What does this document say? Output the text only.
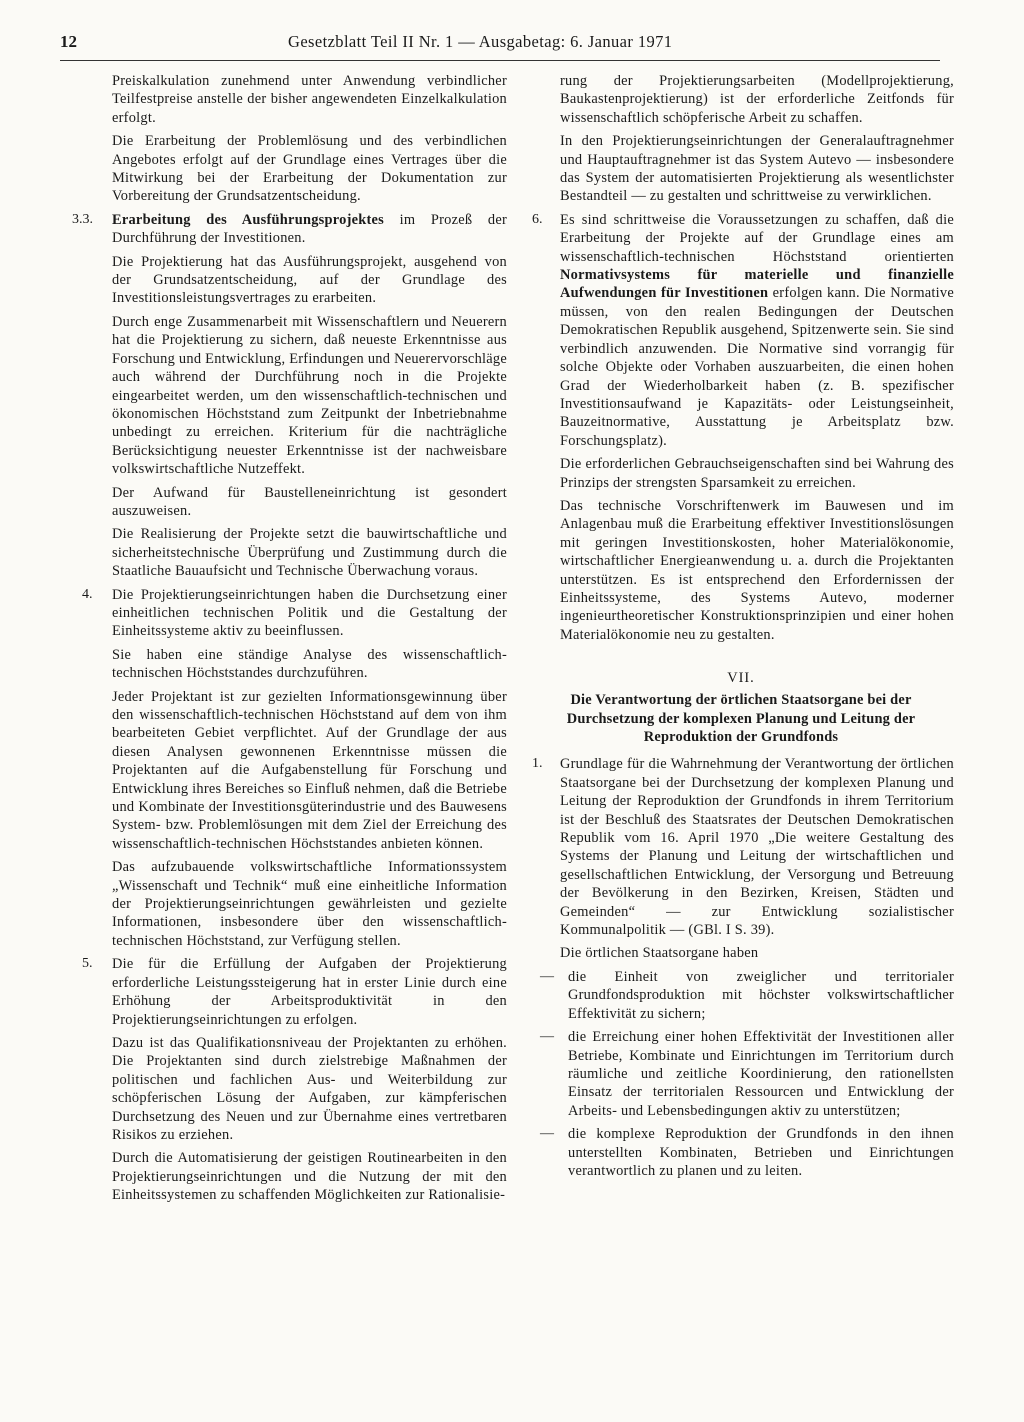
12	Gesetzblatt Teil II Nr. 1 — Ausgabetag: 6. Januar 1971
Preiskalkulation zunehmend unter Anwendung verbindlicher Teilfestpreise anstelle der bisher angewendeten Einzelkalkulation erfolgt.
Die Erarbeitung der Problemlösung und des verbindlichen Angebotes erfolgt auf der Grundlage eines Vertrages über die Mitwirkung bei der Erarbeitung der Dokumentation zur Vorbereitung der Grundsatzentscheidung.
3.3. Erarbeitung des Ausführungsprojektes im Prozeß der Durchführung der Investitionen.
Die Projektierung hat das Ausführungsprojekt, ausgehend von der Grundsatzentscheidung, auf der Grundlage des Investitionsleistungsvertrages zu erarbeiten.
Durch enge Zusammenarbeit mit Wissenschaftlern und Neuerern hat die Projektierung zu sichern, daß neueste Erkenntnisse aus Forschung und Entwicklung, Erfindungen und Neuerervorschläge auch während der Durchführung noch in die Projekte eingearbeitet werden, um den wissenschaftlich-technischen und ökonomischen Höchststand zum Zeitpunkt der Inbetriebnahme unbedingt zu erreichen. Kriterium für die nachträgliche Berücksichtigung neuester Erkenntnisse ist der nachweisbare volkswirtschaftliche Nutzeffekt.
Der Aufwand für Baustelleneinrichtung ist gesondert auszuweisen.
Die Realisierung der Projekte setzt die bauwirtschaftliche und sicherheitstechnische Überprüfung und Zustimmung durch die Staatliche Bauaufsicht und Technische Überwachung voraus.
4. Die Projektierungseinrichtungen haben die Durchsetzung einer einheitlichen technischen Politik und die Gestaltung der Einheitssysteme aktiv zu beeinflussen.
Sie haben eine ständige Analyse des wissenschaftlich-technischen Höchststandes durchzuführen.
Jeder Projektant ist zur gezielten Informationsgewinnung über den wissenschaftlich-technischen Höchststand auf dem von ihm bearbeiteten Gebiet verpflichtet. Auf der Grundlage der aus diesen Analysen gewonnenen Erkenntnisse müssen die Projektanten auf die Aufgabenstellung für Forschung und Entwicklung ihres Bereiches so Einfluß nehmen, daß die Betriebe und Kombinate der Investitionsgüterindustrie und des Bauwesens System- bzw. Problemlösungen mit dem Ziel der Erreichung des wissenschaftlich-technischen Höchststandes anbieten können.
Das aufzubauende volkswirtschaftliche Informationssystem „Wissenschaft und Technik“ muß eine einheitliche Information der Projektierungseinrichtungen gewährleisten und gezielte Informationen, insbesondere über den wissenschaftlich-technischen Höchststand, zur Verfügung stellen.
5. Die für die Erfüllung der Aufgaben der Projektierung erforderliche Leistungssteigerung hat in erster Linie durch eine Erhöhung der Arbeitsproduktivität in den Projektierungseinrichtungen zu erfolgen.
Dazu ist das Qualifikationsniveau der Projektanten zu erhöhen. Die Projektanten sind durch zielstrebige Maßnahmen der politischen und fachlichen Aus- und Weiterbildung zur schöpferischen Lösung der Aufgaben, zur kämpferischen Durchsetzung des Neuen und zur Übernahme eines vertretbaren Risikos zu erziehen.
Durch die Automatisierung der geistigen Routinearbeiten in den Projektierungseinrichtungen und die Nutzung der mit den Einheitssystemen zu schaffenden Möglichkeiten zur Rationalisie-
rung der Projektierungsarbeiten (Modellprojektierung, Baukastenprojektierung) ist der erforderliche Zeitfonds für wissenschaftlich schöpferische Arbeit zu schaffen.
In den Projektierungseinrichtungen der Generalauftragnehmer und Hauptauftragnehmer ist das System Autevo — insbesondere das System der automatisierten Projektierung als wesentlichster Bestandteil — zu gestalten und schrittweise zu verwirklichen.
6. Es sind schrittweise die Voraussetzungen zu schaffen, daß die Erarbeitung der Projekte auf der Grundlage eines am wissenschaftlich-technischen Höchststand orientierten Normativsystems für materielle und finanzielle Aufwendungen für Investitionen erfolgen kann. Die Normative müssen, von den realen Bedingungen der Deutschen Demokratischen Republik ausgehend, Spitzenwerte sein. Sie sind verbindlich anzuwenden. Die Normative sind vorrangig für solche Objekte oder Vorhaben auszuarbeiten, die einen hohen Grad der Wiederholbarkeit haben (z. B. spezifischer Investitionsaufwand je Kapazitäts- oder Leistungseinheit, Bauzeitnormative, Ausstattung je Arbeitsplatz bzw. Forschungsplatz).
Die erforderlichen Gebrauchseigenschaften sind bei Wahrung des Prinzips der strengsten Sparsamkeit zu erreichen.
Das technische Vorschriftenwerk im Bauwesen und im Anlagenbau muß die Erarbeitung effektiver Investitionslösungen mit geringen Investitionskosten, hoher Materialökonomie, wirtschaftlicher Energieanwendung u. a. durch die Projektanten unterstützen. Es ist entsprechend den Erfordernissen der Einheitssysteme, des Systems Autevo, moderner ingenieurtheoretischer Konstruktionsprinzipien und einer hohen Materialökonomie neu zu gestalten.
VII.
Die Verantwortung der örtlichen Staatsorgane bei der Durchsetzung der komplexen Planung und Leitung der Reproduktion der Grundfonds
1. Grundlage für die Wahrnehmung der Verantwortung der örtlichen Staatsorgane bei der Durchsetzung der komplexen Planung und Leitung der Reproduktion der Grundfonds in ihrem Territorium ist der Beschluß des Staatsrates der Deutschen Demokratischen Republik vom 16. April 1970 „Die weitere Gestaltung des Systems der Planung und Leitung der wirtschaftlichen und gesellschaftlichen Entwicklung, der Versorgung und Betreuung der Bevölkerung in den Bezirken, Kreisen, Städten und Gemeinden“ — zur Entwicklung sozialistischer Kommunalpolitik — (GBl. I S. 39).
Die örtlichen Staatsorgane haben
— die Einheit von zweiglicher und territorialer Grundfondsproduktion mit höchster volkswirtschaftlicher Effektivität zu sichern;
— die Erreichung einer hohen Effektivität der Investitionen aller Betriebe, Kombinate und Einrichtungen im Territorium durch räumliche und zeitliche Koordinierung, den rationellsten Einsatz der territorialen Ressourcen und Entwicklung der Arbeits- und Lebensbedingungen aktiv zu unterstützen;
— die komplexe Reproduktion der Grundfonds in den ihnen unterstellten Kombinaten, Betrieben und Einrichtungen verantwortlich zu planen und zu leiten.
